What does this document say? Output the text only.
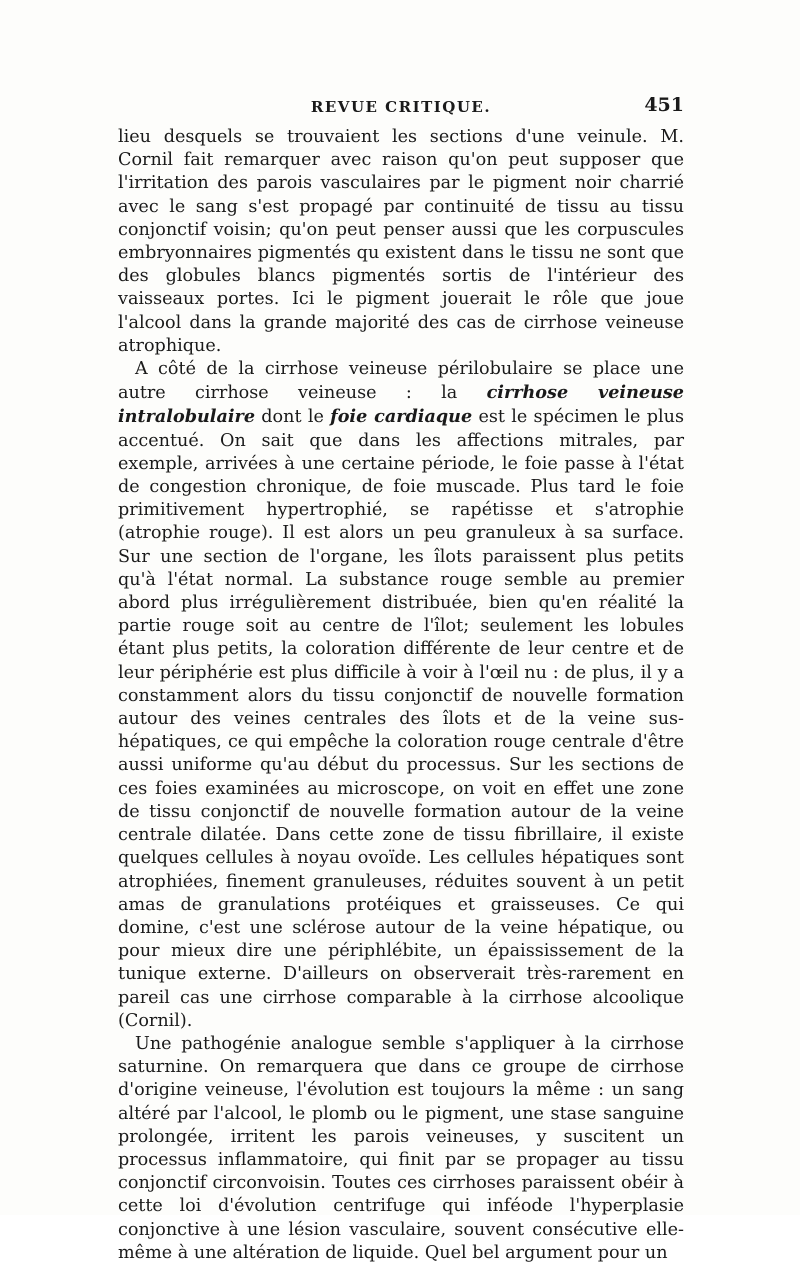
REVUE CRITIQUE.	451

lieu desquels se trouvaient les sections d'une veinule. M. Cornil fait remarquer avec raison qu'on peut supposer que l'irritation des parois vasculaires par le pigment noir charrié avec le sang s'est propagé par continuité de tissu au tissu conjonctif voisin; qu'on peut penser aussi que les corpuscules embryonnaires pigmentés qu existent dans le tissu ne sont que des globules blancs pigmentés sortis de l'intérieur des vaisseaux portes. Ici le pigment jouerait le rôle que joue l'alcool dans la grande majorité des cas de cirrhose veineuse atrophique.

A côté de la cirrhose veineuse périlobulaire se place une autre cirrhose veineuse : la cirrhose veineuse intralobulaire dont le foie cardiaque est le spécimen le plus accentué. On sait que dans les affections mitrales, par exemple, arrivées à une certaine période, le foie passe à l'état de congestion chronique, de foie muscade. Plus tard le foie primitivement hypertrophié, se rapétisse et s'atrophie (atrophie rouge). Il est alors un peu granuleux à sa surface. Sur une section de l'organe, les îlots paraissent plus petits qu'à l'état normal. La substance rouge semble au premier abord plus irrégulièrement distribuée, bien qu'en réalité la partie rouge soit au centre de l'îlot; seulement les lobules étant plus petits, la coloration différente de leur centre et de leur périphérie est plus difficile à voir à l'œil nu : de plus, il y a constamment alors du tissu conjonctif de nouvelle formation autour des veines centrales des îlots et de la veine sus-hépatiques, ce qui empêche la coloration rouge centrale d'être aussi uniforme qu'au début du processus. Sur les sections de ces foies examinées au microscope, on voit en effet une zone de tissu conjonctif de nouvelle formation autour de la veine centrale dilatée. Dans cette zone de tissu fibrillaire, il existe quelques cellules à noyau ovoïde. Les cellules hépatiques sont atrophiées, finement granuleuses, réduites souvent à un petit amas de granulations protéiques et graisseuses. Ce qui domine, c'est une sclérose autour de la veine hépatique, ou pour mieux dire une périphlébite, un épaississement de la tunique externe. D'ailleurs on observerait très-rarement en pareil cas une cirrhose comparable à la cirrhose alcoolique (Cornil).

Une pathogénie analogue semble s'appliquer à la cirrhose saturnine. On remarquera que dans ce groupe de cirrhose d'origine veineuse, l'évolution est toujours la même : un sang altéré par l'alcool, le plomb ou le pigment, une stase sanguine prolongée, irritent les parois veineuses, y suscitent un processus inflammatoire, qui finit par se propager au tissu conjonctif circonvoisin. Toutes ces cirrhoses paraissent obéir à cette loi d'évolution centrifuge qui inféode l'hyperplasie conjonctive à une lésion vasculaire, souvent consécutive elle-même à une altération de liquide. Quel bel argument pour un
